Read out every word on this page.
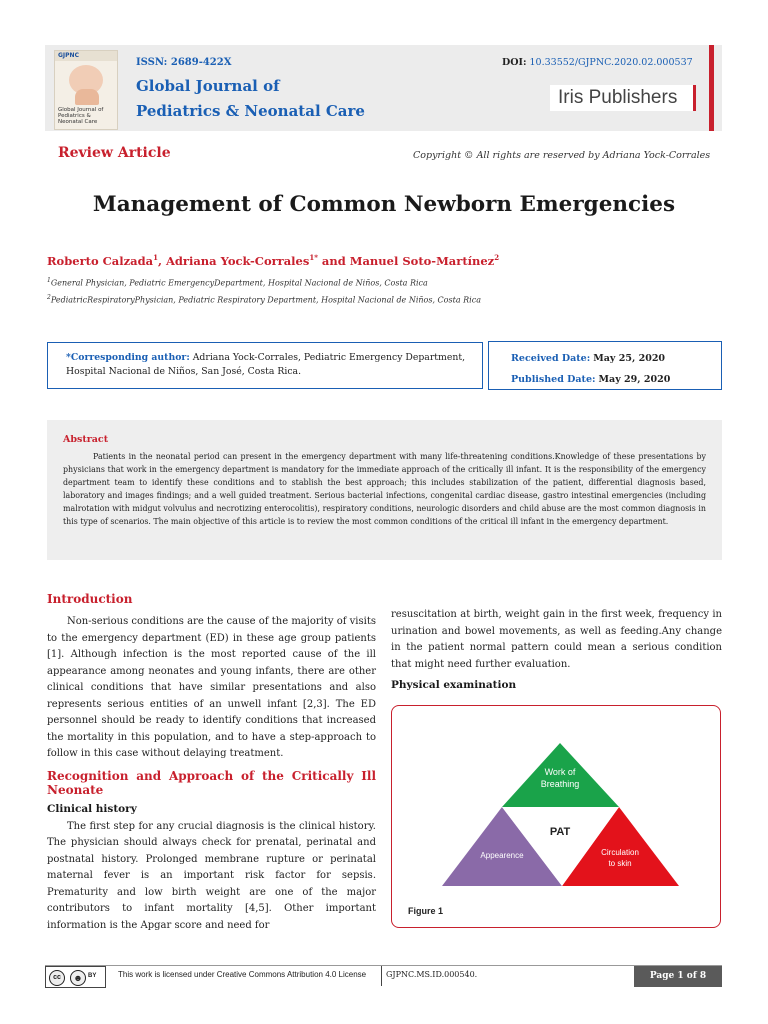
GJPNC
Global Journal of Pediatrics & Neonatal Care
ISSN: 2689-422X
Global Journal of
Pediatrics & Neonatal Care
DOI: 10.33552/GJPNC.2020.02.000537
Iris Publishers
Review Article	Copyright © All rights are reserved by Adriana Yock-Corrales
Management of Common Newborn Emergencies
Roberto Calzada$^1$, Adriana Yock-Corrales$^{1*}$ and Manuel Soto-Martínez$^2$
$^1$General Physician, Pediatric EmergencyDepartment, Hospital Nacional de Niños, Costa Rica
$^2$PediatricRespiratoryPhysician, Pediatric Respiratory Department, Hospital Nacional de Niños, Costa Rica
*Corresponding author: Adriana Yock-Corrales, Pediatric Emergency Department,
Hospital Nacional de Niños, San José, Costa Rica.
Received Date: May 25, 2020
Published Date: May 29, 2020
Abstract
Patients in the neonatal period can present in the emergency department with many life-threatening conditions.Knowledge of these presentations by physicians that work in the emergency department is mandatory for the immediate approach of the critically ill infant. It is the responsibility of the emergency department team to identify these conditions and to stablish the best approach; this includes stabilization of the patient, differential diagnosis based, laboratory and images findings; and a well guided treatment. Serious bacterial infections, congenital cardiac disease, gastro intestinal emergencies (including malrotation with midgut volvulus and necrotizing enterocolitis), respiratory conditions, neurologic disorders and child abuse are the most common diagnosis in this type of scenarios. The main objective of this article is to review the most common conditions of the critical ill infant in the emergency department.
Introduction

Non-serious conditions are the cause of the majority of visits to the emergency department (ED) in these age group patients [1]. Although infection is the most reported cause of the ill appearance among neonates and young infants, there are other clinical conditions that have similar presentations and also represents serious entities of an unwell infant [2,3]. The ED personnel should be ready to identify conditions that increased the mortality in this population, and to have a step-approach to follow in this case without delaying treatment.

Recognition and Approach of the Critically Ill Neonate
Clinical history

The first step for any crucial diagnosis is the clinical history. The physician should always check for prenatal, perinatal and postnatal history. Prolonged membrane rupture or perinatal maternal fever is an important risk factor for sepsis. Prematurity and low birth weight are one of the major contributors to infant mortality [4,5]. Other important information is the Apgar score and need for

resuscitation at birth, weight gain in the first week, frequency in urination and bowel movements, as well as feeding.Any change in the patient normal pattern could mean a serious condition that might need further evaluation.

Physical examination
Work of
Breathing
PAT
Appearence	Circulation
to skin
Figure 1
cc	☻ BY	This work is licensed under Creative Commons Attribution 4.0 License GJPNC.MS.ID.000540.	Page 1 of 8
